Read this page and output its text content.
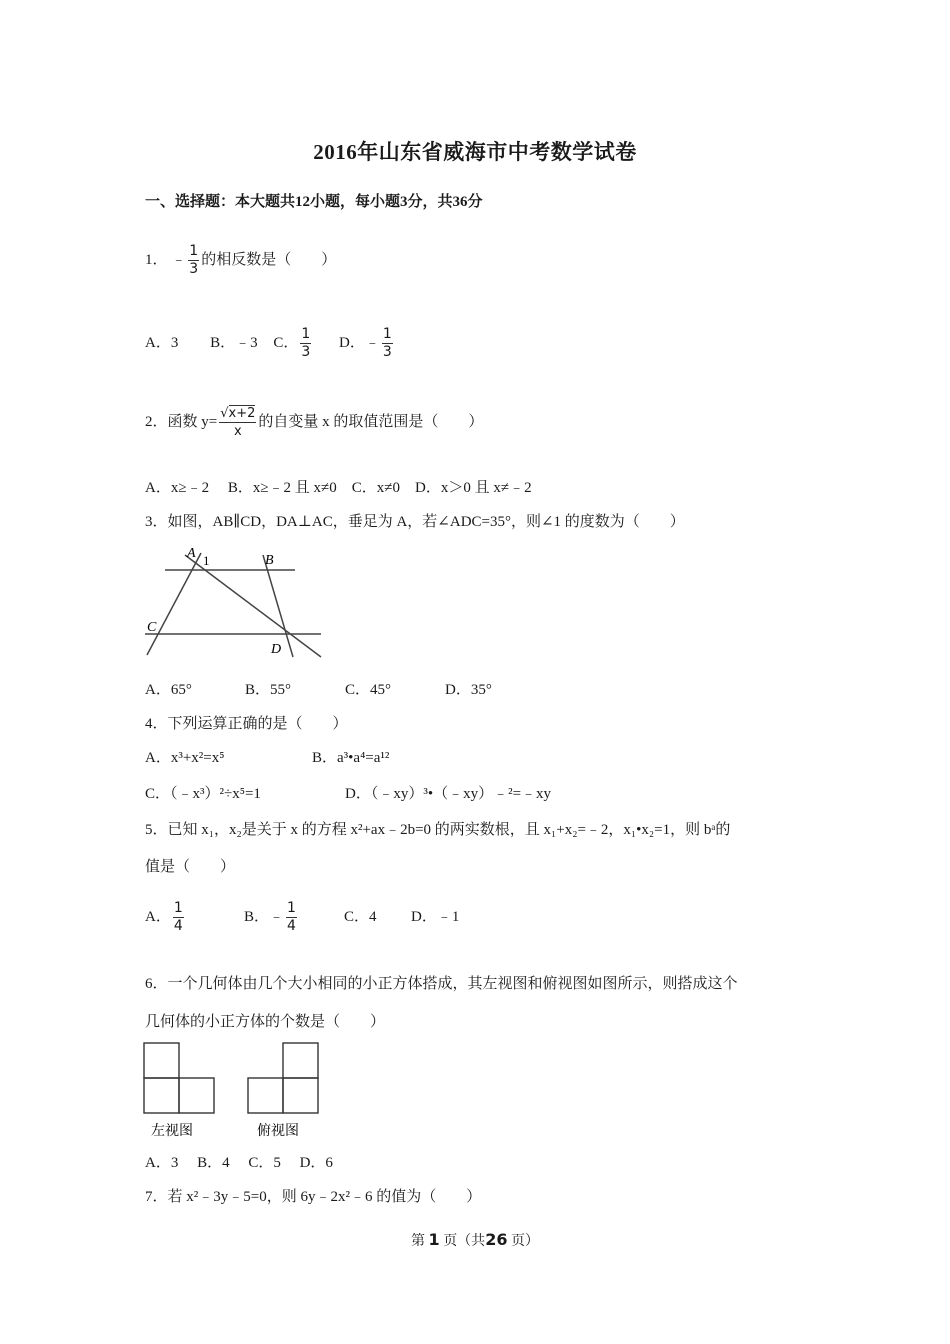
2016年山东省威海市中考数学试卷
一、选择题：本大题共12小题，每小题3分，共36分
1． ﹣ $\frac{1}{3}$ 的相反数是（　　）
A．3 B．﹣3 C． $\frac{1}{3}$ D．﹣ $\frac{1}{3}$
2．函数 $y= \frac{√x+2}{x}$ 的自变量 x 的取值范围是（　　）
A．x≥﹣2　 B．x≥﹣2 且 x≠0　C．x≠0　D．x＞0 且 x≠﹣2
3．如图，AB∥CD，DA⊥AC，垂足为 A，若∠ADC=35°，则∠1 的度数为（　　）
A 1	B
C
D
A．65°	B．55°	C．45°	D．35°
4．下列运算正确的是（　　）
A．x³+x²=x⁵	B．a³•a⁴=a¹²
C．（﹣x³）²÷x⁵=1	D．（﹣xy）³•（﹣xy）﹣²=﹣xy
5．已知 x₁，x₂是关于 x 的方程 x²+ax﹣2b=0 的两实数根，且 x₁+x₂=﹣2，x₁•x₂=1，则 bᵃ的
值是（　　）
A． $\frac{1}{4}$	B．﹣ $\frac{1}{4}$	C．4 D．﹣1
6．一个几何体由几个大小相同的小正方体搭成，其左视图和俯视图如图所示，则搭成这个
几何体的小正方体的个数是（　　）
左视图	俯视图
A．3　 B．4　 C．5　 D．6
7．若 x²﹣3y﹣5=0，则 6y﹣2x²﹣6 的值为（　　）
第 1 页（共26 页）
